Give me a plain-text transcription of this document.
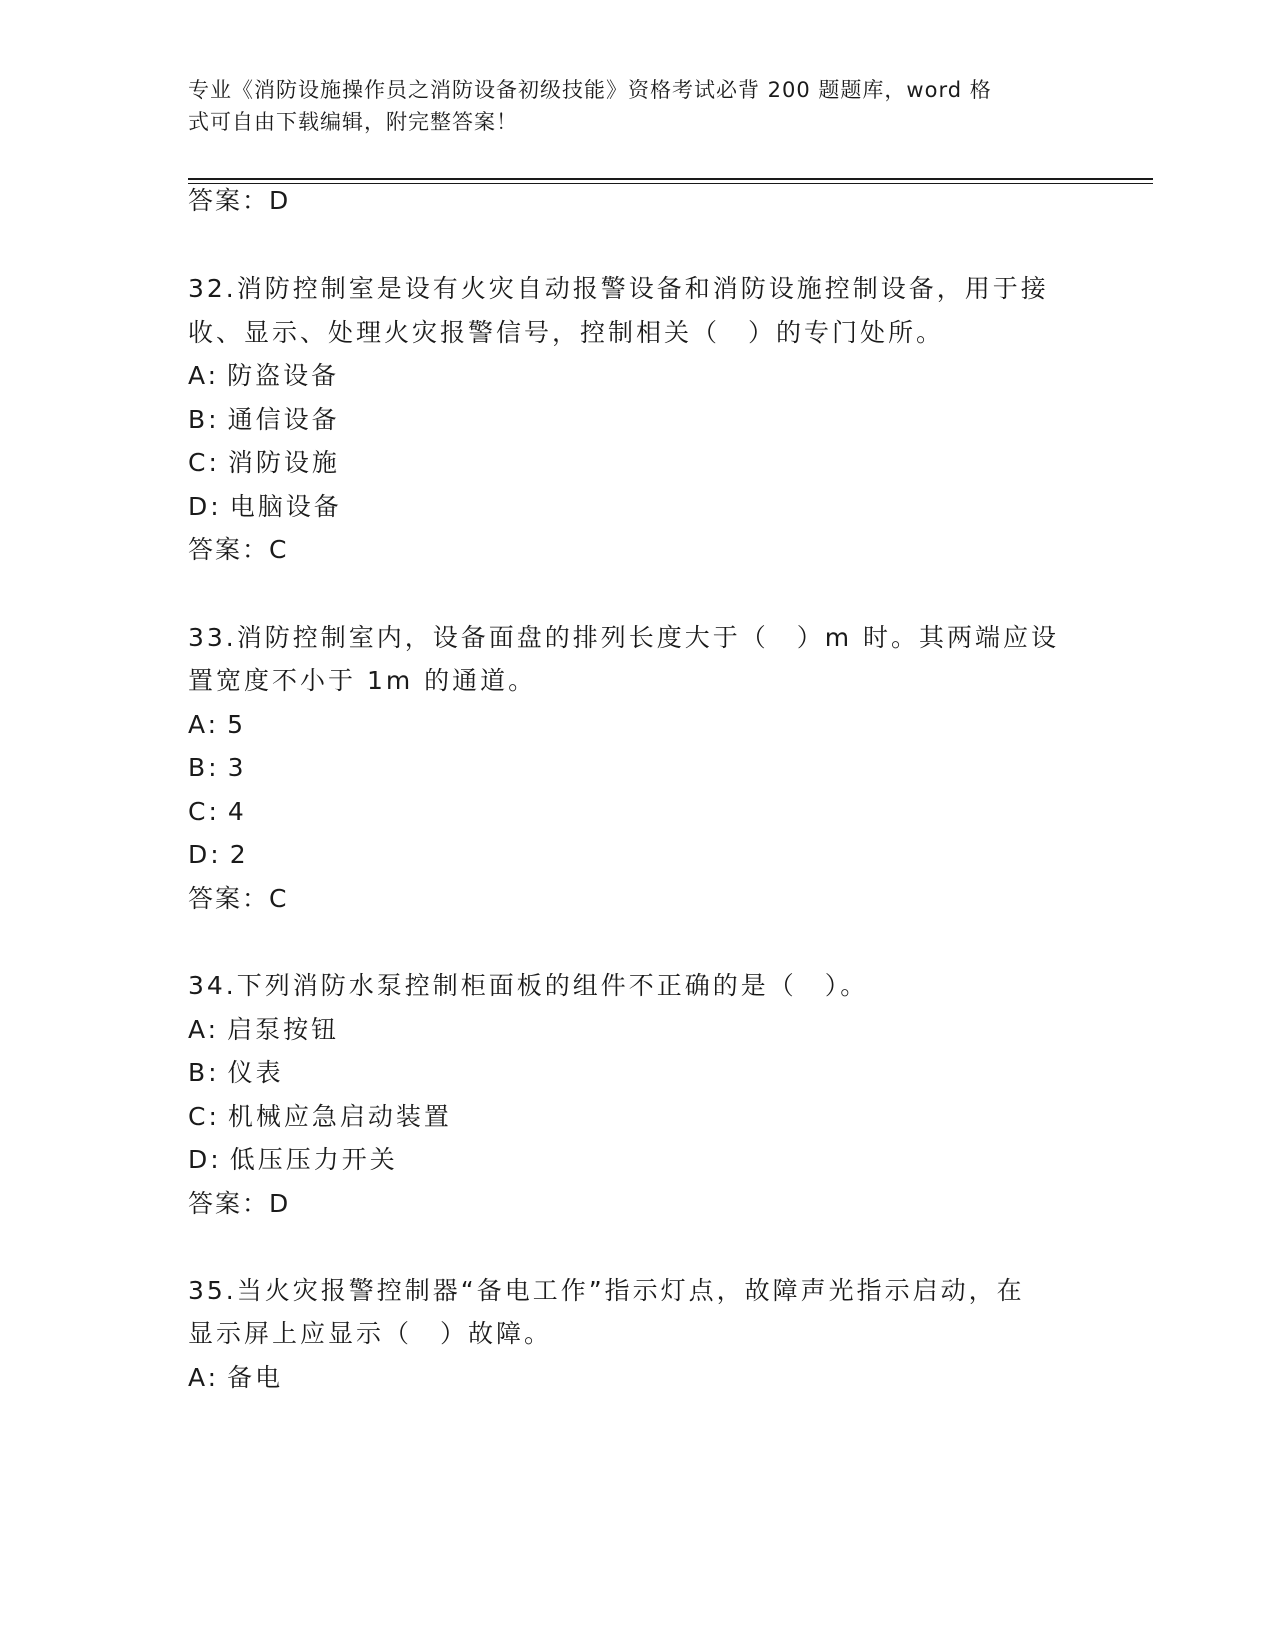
专业《消防设施操作员之消防设备初级技能》资格考试必背 200 题题库，word 格
式可自由下载编辑，附完整答案！
答案：D
32.消防控制室是设有火灾自动报警设备和消防设施控制设备，用于接
收、显示、处理火灾报警信号，控制相关（　）的专门处所。
A: 防盗设备
B: 通信设备
C: 消防设施
D: 电脑设备
答案：C
33.消防控制室内，设备面盘的排列长度大于（　）m 时。其两端应设
置宽度不小于 1m 的通道。
A: 5
B: 3
C: 4
D: 2
答案：C
34.下列消防水泵控制柜面板的组件不正确的是（　）。
A: 启泵按钮
B: 仪表
C: 机械应急启动装置
D: 低压压力开关
答案：D
35.当火灾报警控制器“备电工作”指示灯点，故障声光指示启动，在
显示屏上应显示（　）故障。
A: 备电
